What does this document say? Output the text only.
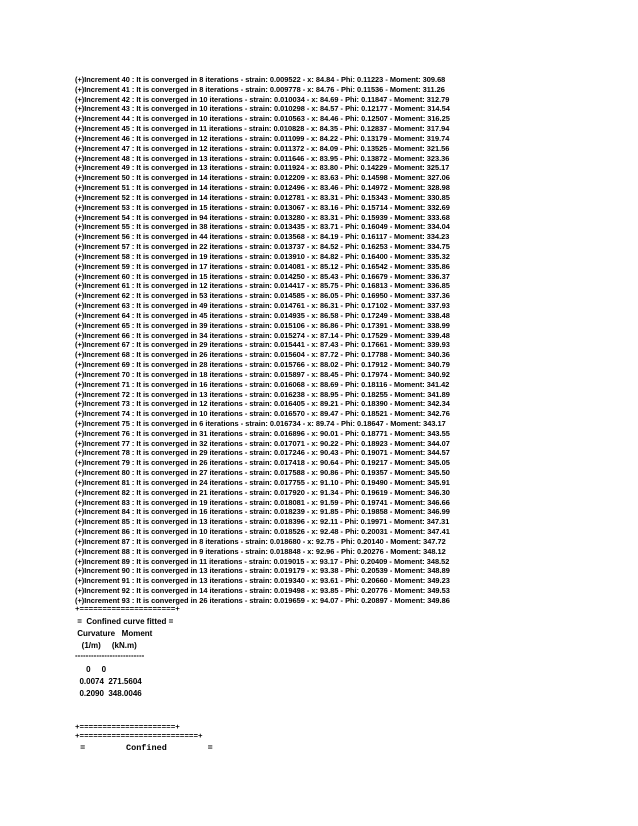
(+)Increment 40 : It is converged in 8 iterations - strain: 0.009522 - x: 84.84 - Phi: 0.11223 - Moment: 309.68
(+)Increment 41 : It is converged in 8 iterations - strain: 0.009778 - x: 84.76 - Phi: 0.11536 - Moment: 311.26
(+)Increment 42 : It is converged in 10 iterations - strain: 0.010034 - x: 84.69 - Phi: 0.11847 - Moment: 312.79
(+)Increment 43 : It is converged in 10 iterations - strain: 0.010298 - x: 84.57 - Phi: 0.12177 - Moment: 314.54
(+)Increment 44 : It is converged in 10 iterations - strain: 0.010563 - x: 84.46 - Phi: 0.12507 - Moment: 316.25
(+)Increment 45 : It is converged in 11 iterations - strain: 0.010828 - x: 84.35 - Phi: 0.12837 - Moment: 317.94
(+)Increment 46 : It is converged in 12 iterations - strain: 0.011099 - x: 84.22 - Phi: 0.13179 - Moment: 319.74
(+)Increment 47 : It is converged in 12 iterations - strain: 0.011372 - x: 84.09 - Phi: 0.13525 - Moment: 321.56
(+)Increment 48 : It is converged in 13 iterations - strain: 0.011646 - x: 83.95 - Phi: 0.13872 - Moment: 323.36
(+)Increment 49 : It is converged in 13 iterations - strain: 0.011924 - x: 83.80 - Phi: 0.14229 - Moment: 325.17
(+)Increment 50 : It is converged in 14 iterations - strain: 0.012209 - x: 83.63 - Phi: 0.14598 - Moment: 327.06
(+)Increment 51 : It is converged in 14 iterations - strain: 0.012496 - x: 83.46 - Phi: 0.14972 - Moment: 328.98
(+)Increment 52 : It is converged in 14 iterations - strain: 0.012781 - x: 83.31 - Phi: 0.15343 - Moment: 330.85
(+)Increment 53 : It is converged in 15 iterations - strain: 0.013067 - x: 83.16 - Phi: 0.15714 - Moment: 332.69
(+)Increment 54 : It is converged in 94 iterations - strain: 0.013280 - x: 83.31 - Phi: 0.15939 - Moment: 333.68
(+)Increment 55 : It is converged in 38 iterations - strain: 0.013435 - x: 83.71 - Phi: 0.16049 - Moment: 334.04
(+)Increment 56 : It is converged in 44 iterations - strain: 0.013568 - x: 84.19 - Phi: 0.16117 - Moment: 334.23
(+)Increment 57 : It is converged in 22 iterations - strain: 0.013737 - x: 84.52 - Phi: 0.16253 - Moment: 334.75
(+)Increment 58 : It is converged in 19 iterations - strain: 0.013910 - x: 84.82 - Phi: 0.16400 - Moment: 335.32
(+)Increment 59 : It is converged in 17 iterations - strain: 0.014081 - x: 85.12 - Phi: 0.16542 - Moment: 335.86
(+)Increment 60 : It is converged in 15 iterations - strain: 0.014250 - x: 85.43 - Phi: 0.16679 - Moment: 336.37
(+)Increment 61 : It is converged in 12 iterations - strain: 0.014417 - x: 85.75 - Phi: 0.16813 - Moment: 336.85
(+)Increment 62 : It is converged in 53 iterations - strain: 0.014585 - x: 86.05 - Phi: 0.16950 - Moment: 337.36
(+)Increment 63 : It is converged in 49 iterations - strain: 0.014761 - x: 86.31 - Phi: 0.17102 - Moment: 337.93
(+)Increment 64 : It is converged in 45 iterations - strain: 0.014935 - x: 86.58 - Phi: 0.17249 - Moment: 338.48
(+)Increment 65 : It is converged in 39 iterations - strain: 0.015106 - x: 86.86 - Phi: 0.17391 - Moment: 338.99
(+)Increment 66 : It is converged in 34 iterations - strain: 0.015274 - x: 87.14 - Phi: 0.17529 - Moment: 339.48
(+)Increment 67 : It is converged in 29 iterations - strain: 0.015441 - x: 87.43 - Phi: 0.17661 - Moment: 339.93
(+)Increment 68 : It is converged in 26 iterations - strain: 0.015604 - x: 87.72 - Phi: 0.17788 - Moment: 340.36
(+)Increment 69 : It is converged in 28 iterations - strain: 0.015766 - x: 88.02 - Phi: 0.17912 - Moment: 340.79
(+)Increment 70 : It is converged in 18 iterations - strain: 0.015897 - x: 88.45 - Phi: 0.17974 - Moment: 340.92
(+)Increment 71 : It is converged in 16 iterations - strain: 0.016068 - x: 88.69 - Phi: 0.18116 - Moment: 341.42
(+)Increment 72 : It is converged in 13 iterations - strain: 0.016238 - x: 88.95 - Phi: 0.18255 - Moment: 341.89
(+)Increment 73 : It is converged in 12 iterations - strain: 0.016405 - x: 89.21 - Phi: 0.18390 - Moment: 342.34
(+)Increment 74 : It is converged in 10 iterations - strain: 0.016570 - x: 89.47 - Phi: 0.18521 - Moment: 342.76
(+)Increment 75 : It is converged in 6 iterations - strain: 0.016734 - x: 89.74 - Phi: 0.18647 - Moment: 343.17
(+)Increment 76 : It is converged in 31 iterations - strain: 0.016896 - x: 90.01 - Phi: 0.18771 - Moment: 343.55
(+)Increment 77 : It is converged in 32 iterations - strain: 0.017071 - x: 90.22 - Phi: 0.18923 - Moment: 344.07
(+)Increment 78 : It is converged in 29 iterations - strain: 0.017246 - x: 90.43 - Phi: 0.19071 - Moment: 344.57
(+)Increment 79 : It is converged in 26 iterations - strain: 0.017418 - x: 90.64 - Phi: 0.19217 - Moment: 345.05
(+)Increment 80 : It is converged in 27 iterations - strain: 0.017588 - x: 90.86 - Phi: 0.19357 - Moment: 345.50
(+)Increment 81 : It is converged in 24 iterations - strain: 0.017755 - x: 91.10 - Phi: 0.19490 - Moment: 345.91
(+)Increment 82 : It is converged in 21 iterations - strain: 0.017920 - x: 91.34 - Phi: 0.19619 - Moment: 346.30
(+)Increment 83 : It is converged in 19 iterations - strain: 0.018081 - x: 91.59 - Phi: 0.19741 - Moment: 346.66
(+)Increment 84 : It is converged in 16 iterations - strain: 0.018239 - x: 91.85 - Phi: 0.19858 - Moment: 346.99
(+)Increment 85 : It is converged in 13 iterations - strain: 0.018396 - x: 92.11 - Phi: 0.19971 - Moment: 347.31
(+)Increment 86 : It is converged in 10 iterations - strain: 0.018526 - x: 92.48 - Phi: 0.20031 - Moment: 347.41
(+)Increment 87 : It is converged in 8 iterations - strain: 0.018680 - x: 92.75 - Phi: 0.20140 - Moment: 347.72
(+)Increment 88 : It is converged in 9 iterations - strain: 0.018848 - x: 92.96 - Phi: 0.20276 - Moment: 348.12
(+)Increment 89 : It is converged in 11 iterations - strain: 0.019015 - x: 93.17 - Phi: 0.20409 - Moment: 348.52
(+)Increment 90 : It is converged in 13 iterations - strain: 0.019179 - x: 93.38 - Phi: 0.20539 - Moment: 348.89
(+)Increment 91 : It is converged in 13 iterations - strain: 0.019340 - x: 93.61 - Phi: 0.20660 - Moment: 349.23
(+)Increment 92 : It is converged in 14 iterations - strain: 0.019498 - x: 93.85 - Phi: 0.20776 - Moment: 349.53
(+)Increment 93 : It is converged in 26 iterations - strain: 0.019659 - x: 94.07 - Phi: 0.20897 - Moment: 349.86
+=====================+
=  Confined curve fitted =
Curvature   Moment
(1/m)     (kN.m)
--------------------------
0     0
0.0074  271.5604
0.2090  348.0046
+=====================+
+==========================+
=        Confined        =
